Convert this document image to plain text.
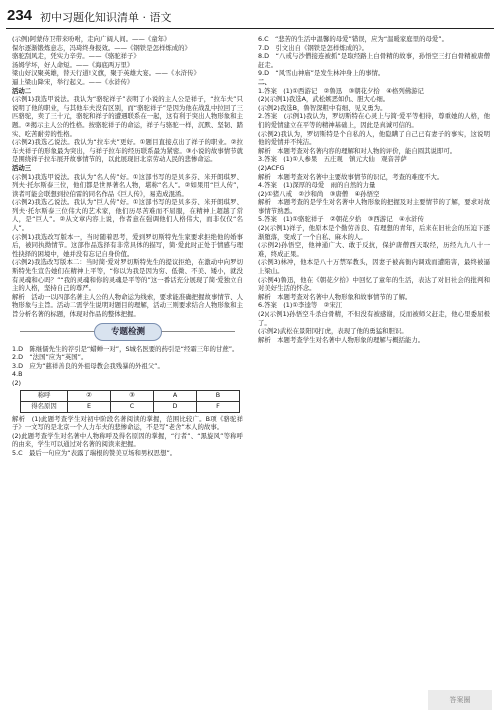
234 初中习题化知识清单 · 语文

(示例)阿蒙侍卫带来吩咐，走向广阔人间。——《童年》

保尔逐渐锻炼意志，冯琦终身报效。——《钢铁是怎样炼成的》

骆驼刮风走，凭实力辛劳。——《骆驼祥子》

汤姆学坏，好人命短。——《海底两万里》

梁山好汉聚英雄，替天行道!义旗，聚于英雄大宴。——《水浒传》

逼上梁山降宋，举行起义。——《水浒传》

活动二

(示例1)我选甲说法。我认为“骆驼祥子”表明了小说的主人公是祥子，“拉车夫”只说明了他的职业，与其他车夫没有区别，而“骆驼祥子”是因为他在战乱中拉回了三匹骆驼，卖了三十元，骆驼和祥子的遭遇联系在一起，这有利于突出人物形象和主题。②揭示主人公的性格。按骆驼祥子的命运，祥子与骆驼一样，沉默、坚韧、踏实、吃苦耐劳的性格。

(示例2)我选乙说法。我认为“拉车夫”更好。①题目直接点出了祥子的职业。②拉车夫祥子的形象最为突出，与祥子拉车的经历联系最为紧密。③小说的故事情节就是围绕祥子拉车展开故事情节的，以此展现旧北京劳动人民的悲惨命运。

活动三

(示例1)我选甲说法。我认为“名人传”好。①这部书写的是贝多芬、米开朗琪罗、列夫·托尔斯泰三位，他们都是世界著名人物，堪称“名人”。②如果用“巨人传”，读者可能会联想到拉伯雷的同名作品《巨人传》，易造成混淆。

(示例2)我选乙说法。我认为“巨人传”好。①这部书写的是贝多芬、米开朗琪罗、列夫·托尔斯泰三位伟大的艺术家，他们历尽苦难而不屈服，在精神上超越了常人，是“巨人”。②从文章内容上说，作者意在强调他们人格伟大，而非仅仅“名人”。

(示例1)我选改写版本一，当时随着思考，爱到罗切斯特先生家要求拒绝他的婚事后，被同执拗情节。这部作品选择有非常具体的描写，简·爱此时正处于情感与理性抉择的困境中，她并没有忘记自身价值。

(示例2)我选改写版本二：当时简·爱对罗切斯特先生的提议拒绝，在激动中向罗切斯特先生宣告她们在精神上平等，“你以为我是因为穷、低微、不美、矮小，就没有灵魂和心吗？”“我的灵魂和你的灵魂是平等的”这一番话充分展现了简·爱独立自主的人格，坚持自己的尊严。

解析　活动一以四部名著主人公的人物命运为线索，要求能准确把握故事情节、人物形象与主旨。活动二需学生说明对题目的理解，活动三则要求结合人物形象和主旨分析名著的标题，体现对作品的整体把握。

专题检测

1.D　陈继儒先生的荐引是“蜡蝉一对”，S城名医要的药引是“经霜三年的甘蔗”。

2.D　“法国”应为“英国”。

3.D　应为“慈祥善良的外祖母教会我残暴的外祖父”。

4.B

(2)

称呼	②	③	A	B
得名原因	E	C	D	F

解析　(1)此题考查学生对初中阶段名著阅读的掌握，范围比较广。B项《骆驼祥子》一文写的是北京一个人力车夫的悲惨命运，不是写“老舍”本人的故事。

(2)此题考查学生对名著中人物称呼及得名原因的掌握，“行者”、“黑旋风”等称呼的由来，学生可以通过对名著的阅读来把握。

5.C　最后一句应为“表露了瑞根的赞美豆场和男权思想”。

6.C　“悲苦的生活中温馨的母爱”错误，应为“温暖家庭里的母爱”。

7.D　引文出自《钢铁是怎样炼成的》。

8.D　“八戒与沙僧接连被抓”是取经路上白骨精的故事，孙悟空三打白骨精被唐僧赶走。

9.D　“风雪山神庙”是发生林冲身上的事情。

二、

1.答案　(1)①西游记　②鲁迅　③朝花夕拾　④格列佛游记

(2)(示例1)我选A，武松嫉恶如仇、胆大心细。

(示例2)我选B，鲁智深粗中有细、见义勇为。

2.答案　(示例1)我认为，罗切斯特在心灵上与简·爱平等相待，尊重她的人格，他们的爱情建立在平等的精神基础上，因此是真诚可信的。

(示例2)我认为，罗切斯特是个自私的人，他隐瞒了自己已有妻子的事实，这说明他的爱情并不纯洁。

解析　本题考查对名著内容的理解和对人物的评价，能自圆其说即可。

3.答案　(1)①人参果　五庄观　镇元大仙　观音菩萨

(2)ACFG

解析　本题考查对名著中主要故事情节的识记，考查的难度不大。

4.答案　(1)深厚的母爱　雨的自然的力量

(2)①猪八戒　②沙和尚　③唐僧　④孙悟空

解析　本题考查的是学生对名著中人物形象的把握及对主要情节的了解，要求对故事情节熟悉。

5.答案　(1)①骆驼祥子　②朝花夕拾　③西游记　④水浒传

(2)(示例1)祥子，他原本是个勤劳善良、有理想的青年，后来在旧社会的压迫下逐渐堕落，变成了一个自私、麻木的人。

(示例2)孙悟空，他神通广大、敢于反抗，保护唐僧西天取经，历经九九八十一难，终成正果。

(示例3)林冲，他本是八十万禁军教头，因妻子被高衙内调戏而遭陷害，最终被逼上梁山。

(示例4)鲁迅，他在《朝花夕拾》中回忆了童年的生活，表达了对旧社会的批判和对美好生活的怀念。

解析　本题考查对名著中人物形象和故事情节的了解。

6.答案　(1)①李逵等　②宋江

(2)(示例1)孙悟空斗杀白骨精，不但没有被感谢，反而被师父赶走，他心里委屈极了。

(示例2)武松在景阳冈打虎，表现了他的勇猛和胆识。

解析　本题考查学生对名著中人物形象的理解与概括能力。

答案圈
